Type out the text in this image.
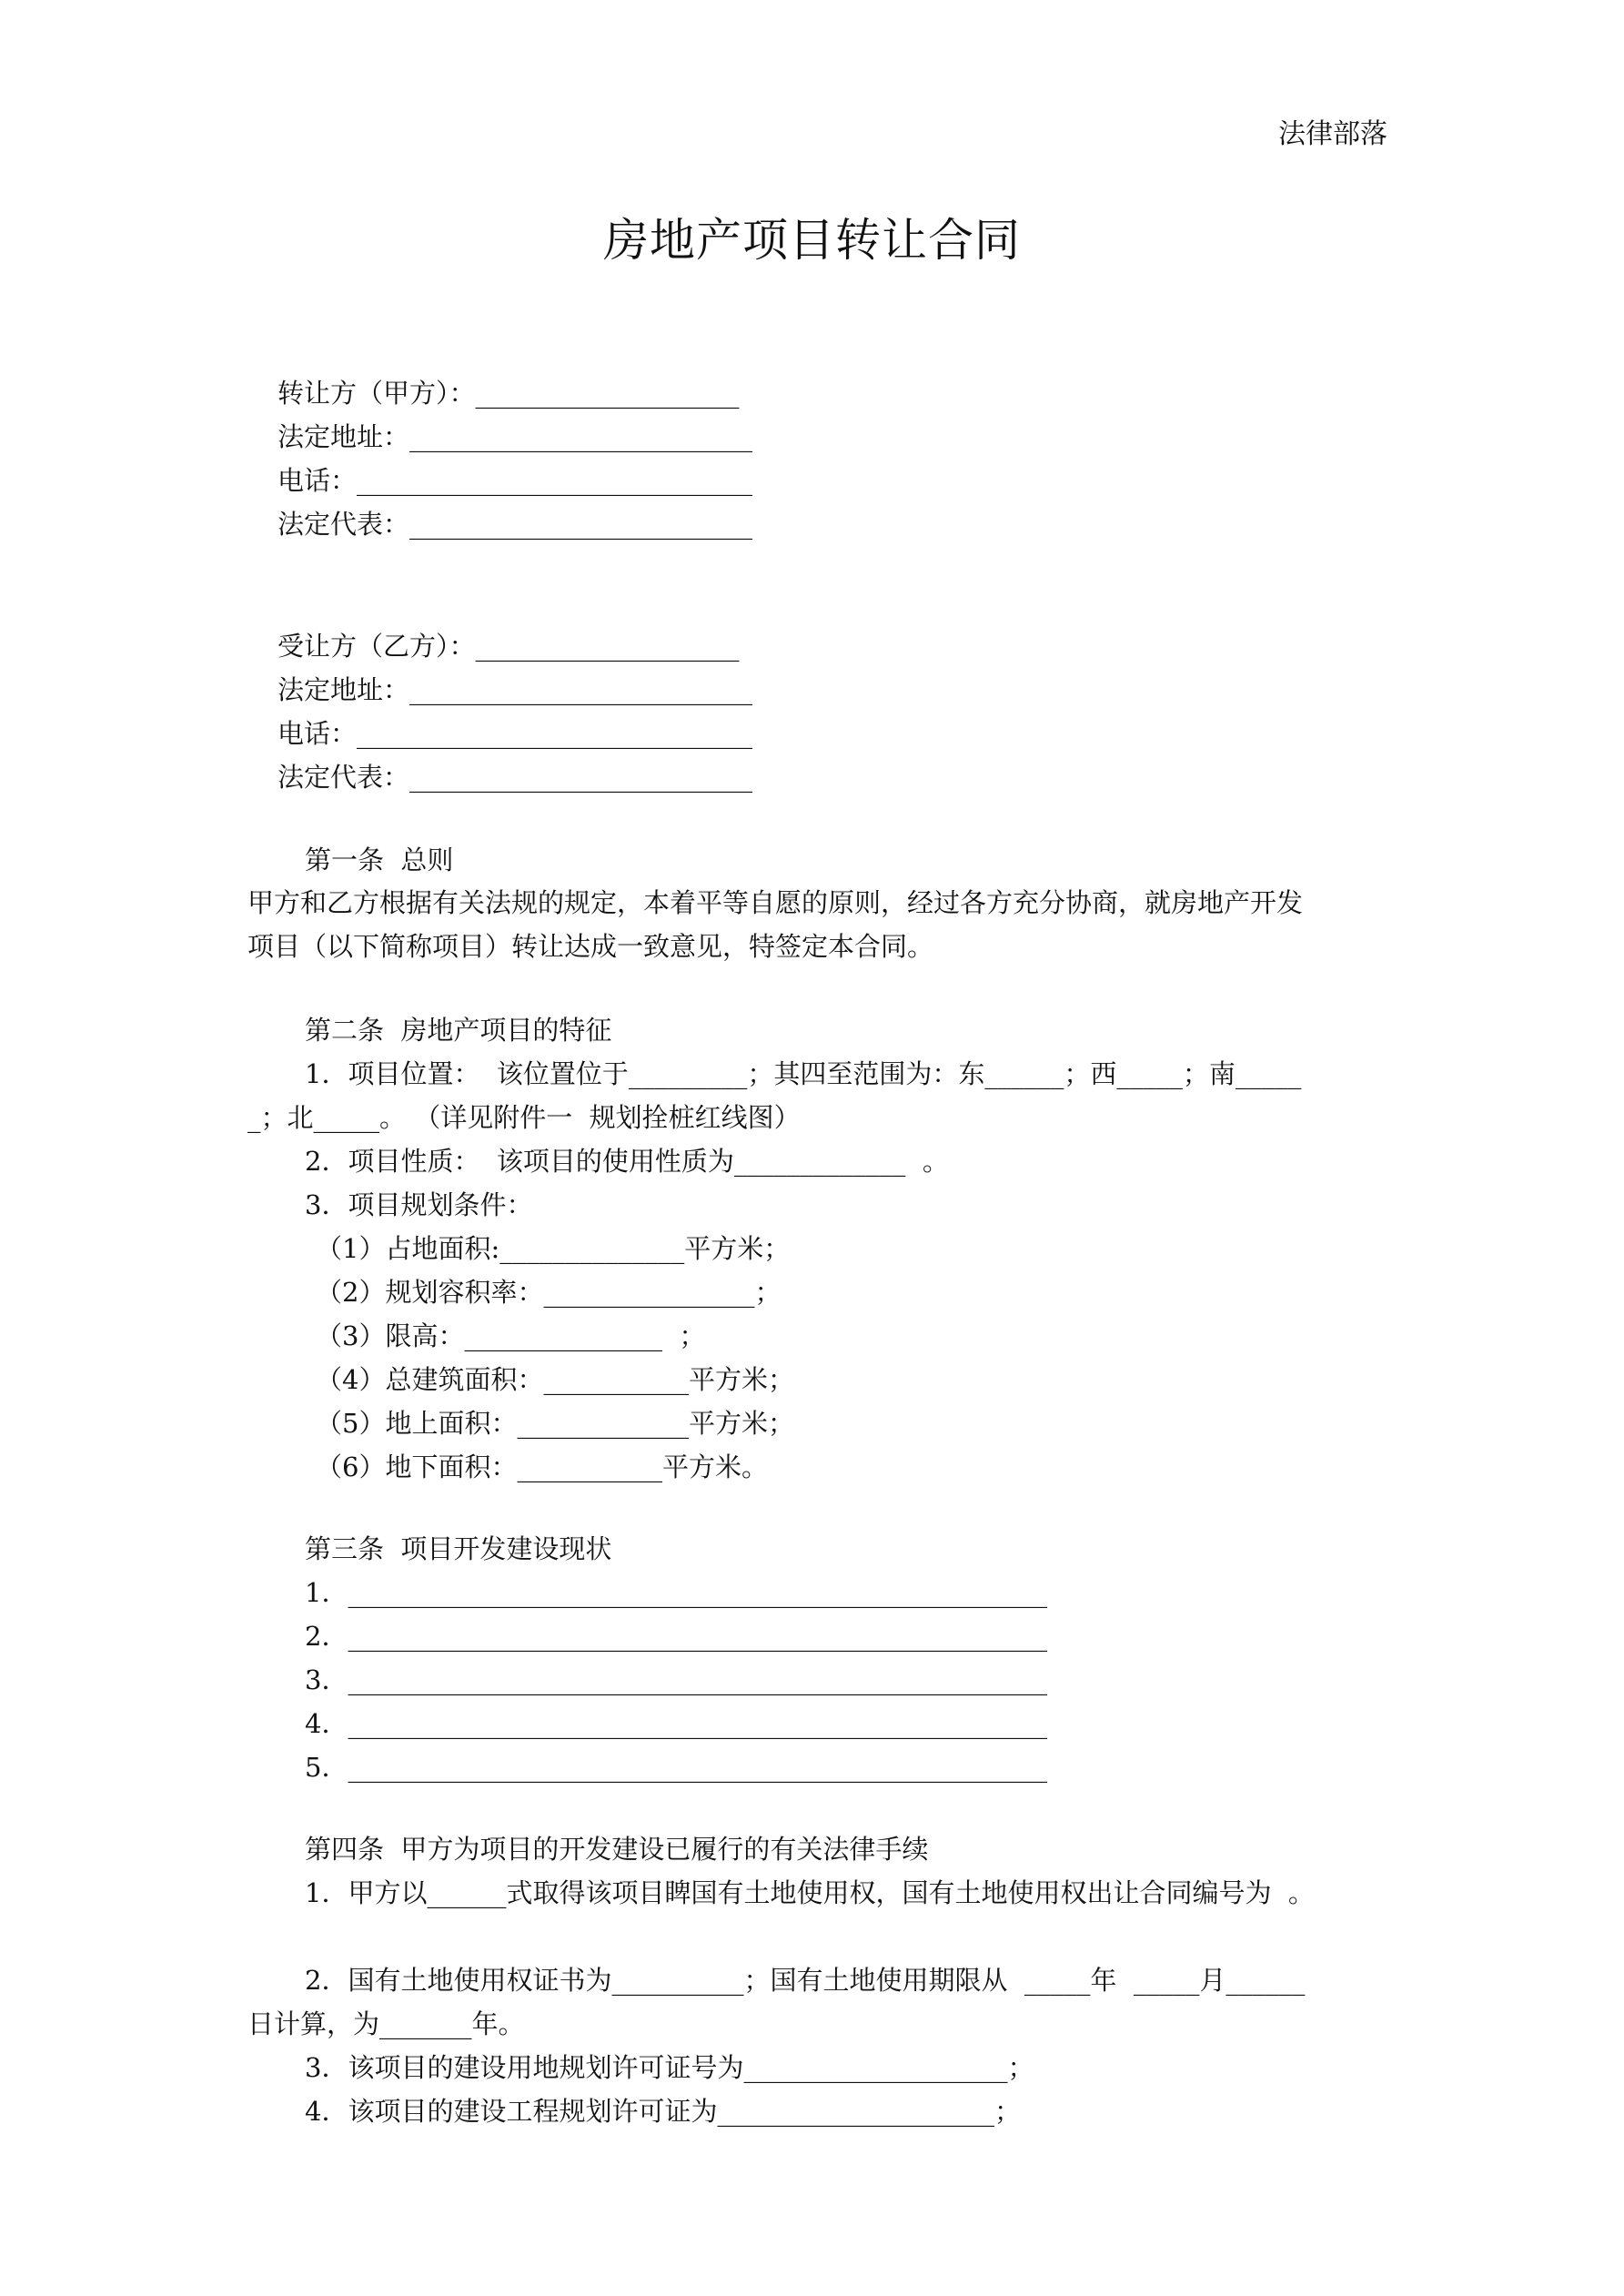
法律部落
房地产项目转让合同
转让方（甲方）：____________________
法定地址：__________________________
电话：______________________________
法定代表：__________________________
受让方（乙方）：____________________
法定地址：__________________________
电话：______________________________
法定代表：__________________________
第一条  总则
甲方和乙方根据有关法规的规定，本着平等自愿的原则，经过各方充分协商，就房地产开发
项目（以下简称项目）转让达成一致意见，特签定本合同。
第二条  房地产项目的特征
1．项目位置：  该位置位于_________；其四至范围为：东______；西_____；南_____
_；北_____。 （详见附件一  规划拴桩红线图）
2．项目性质：  该项目的使用性质为_____________  。
3．项目规划条件：
（1）占地面积:______________平方米；
（2）规划容积率：________________；
（3）限高：_______________  ；
（4）总建筑面积：___________平方米；
（5）地上面积：_____________平方米；
（6）地下面积：___________平方米。
第三条  项目开发建设现状
1．_____________________________________________________
2．_____________________________________________________
3．_____________________________________________________
4．_____________________________________________________
5．_____________________________________________________
第四条  甲方为项目的开发建设已履行的有关法律手续
1．甲方以______式取得该项目睥国有土地使用权，国有土地使用权出让合同编号为  。
2．国有土地使用权证书为__________；国有土地使用期限从  _____年  _____月______
日计算，为_______年。
3．该项目的建设用地规划许可证号为____________________；
4．该项目的建设工程规划许可证为_____________________；
